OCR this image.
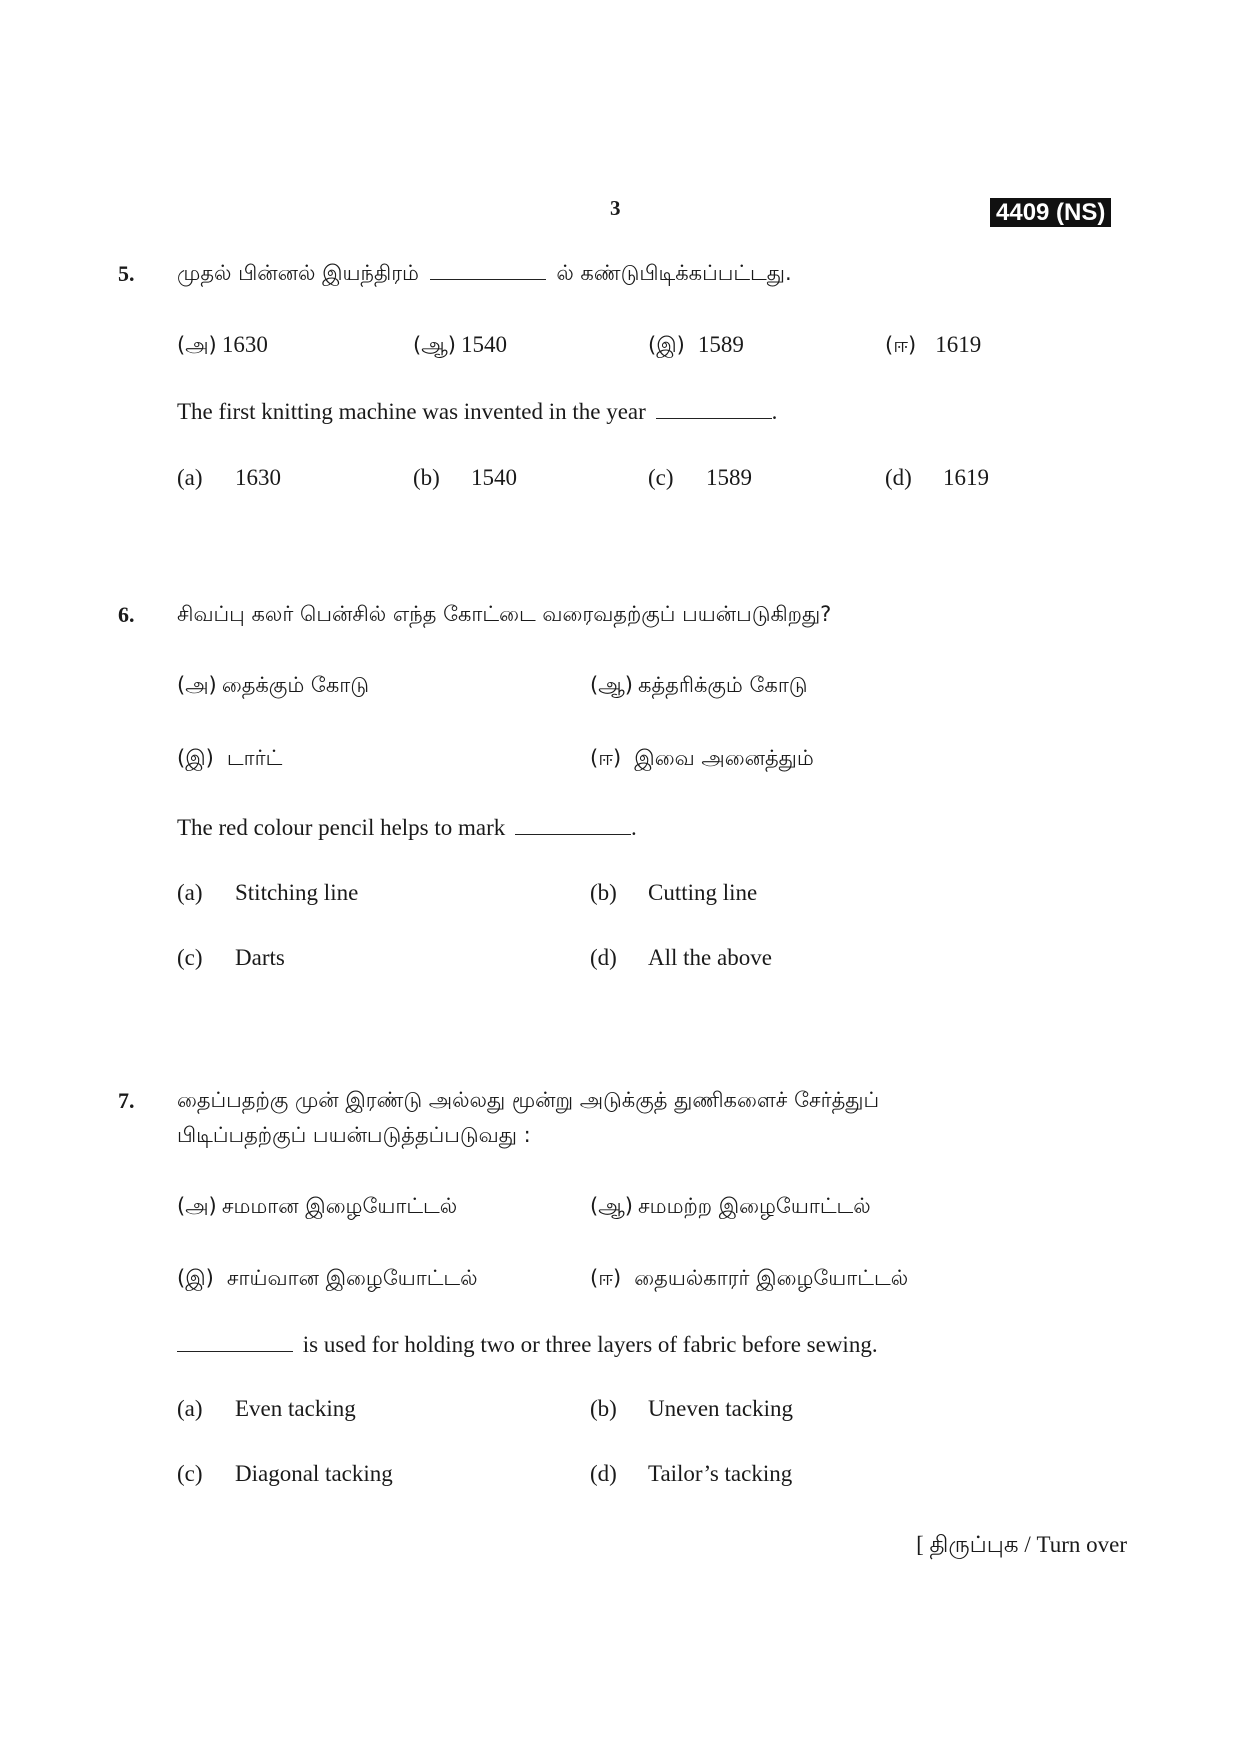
3	4409 (NS)
5. முதல் பின்னல் இயந்திரம்	ல் கண்டுபிடிக்கப்பட்டது.
(அ) 1630	(ஆ) 1540	(இ) 1589	(ஈ) 1619
The first knitting machine was invented in the year	.
(a) 1630	(b) 1540	(c) 1589	(d) 1619
6. சிவப்பு கலர் பென்சில் எந்த கோட்டை வரைவதற்குப் பயன்படுகிறது?
(அ) தைக்கும் கோடு	(ஆ) கத்தரிக்கும் கோடு
(இ) டார்ட்	(ஈ) இவை அனைத்தும்
The red colour pencil helps to mark	.
(a) Stitching line	(b) Cutting line
(c) Darts	(d) All the above
7. தைப்பதற்கு முன் இரண்டு அல்லது மூன்று அடுக்குத் துணிகளைச் சேர்த்துப்
பிடிப்பதற்குப் பயன்படுத்தப்படுவது :
(அ) சமமான இழையோட்டல்	(ஆ) சமமற்ற இழையோட்டல்
(இ) சாய்வான இழையோட்டல்	(ஈ) தையல்காரர் இழையோட்டல்
is used for holding two or three layers of fabric before sewing.
(a) Even tacking	(b) Uneven tacking
(c) Diagonal tacking	(d) Tailor’s tacking
[ திருப்புக / Turn over
